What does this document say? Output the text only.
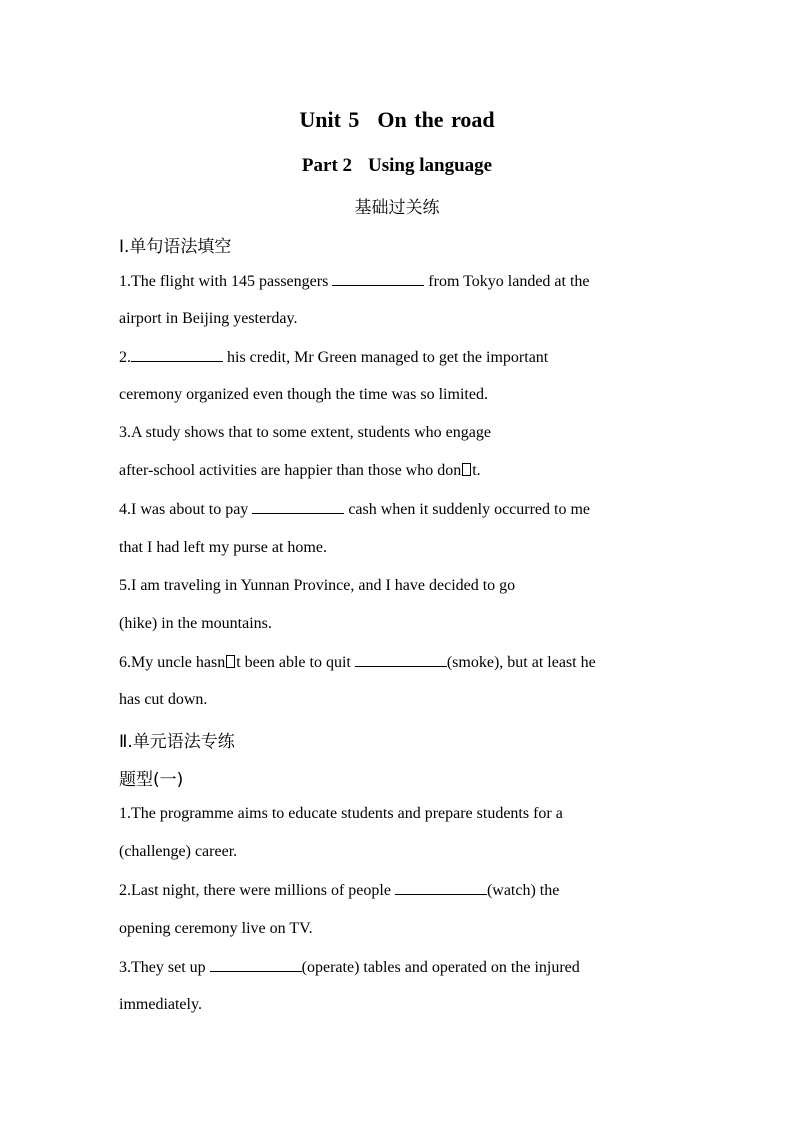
Unit 5 On the road
Part 2 Using language
基础过关练
Ⅰ.单句语法填空
1.The flight with 145 passengers	from Tokyo landed at the
airport in Beijing yesterday.
2.	his credit, Mr Green managed to get the important
ceremony organized even though the time was so limited.
3.A study shows that to some extent, students who engage
after-school activities are happier than those who don t.
4.I was about to pay	cash when it suddenly occurred to me
that I had left my purse at home.
5.I am traveling in Yunnan Province, and I have decided to go
(hike) in the mountains.
6.My uncle hasn t been able to quit	(smoke), but at least he
has cut down.
Ⅱ.单元语法专练
题型(一)
1.The programme aims to educate students and prepare students for a
(challenge) career.
2.Last night, there were millions of people	(watch) the
opening ceremony live on TV.
3.They set up	(operate) tables and operated on the injured
immediately.
